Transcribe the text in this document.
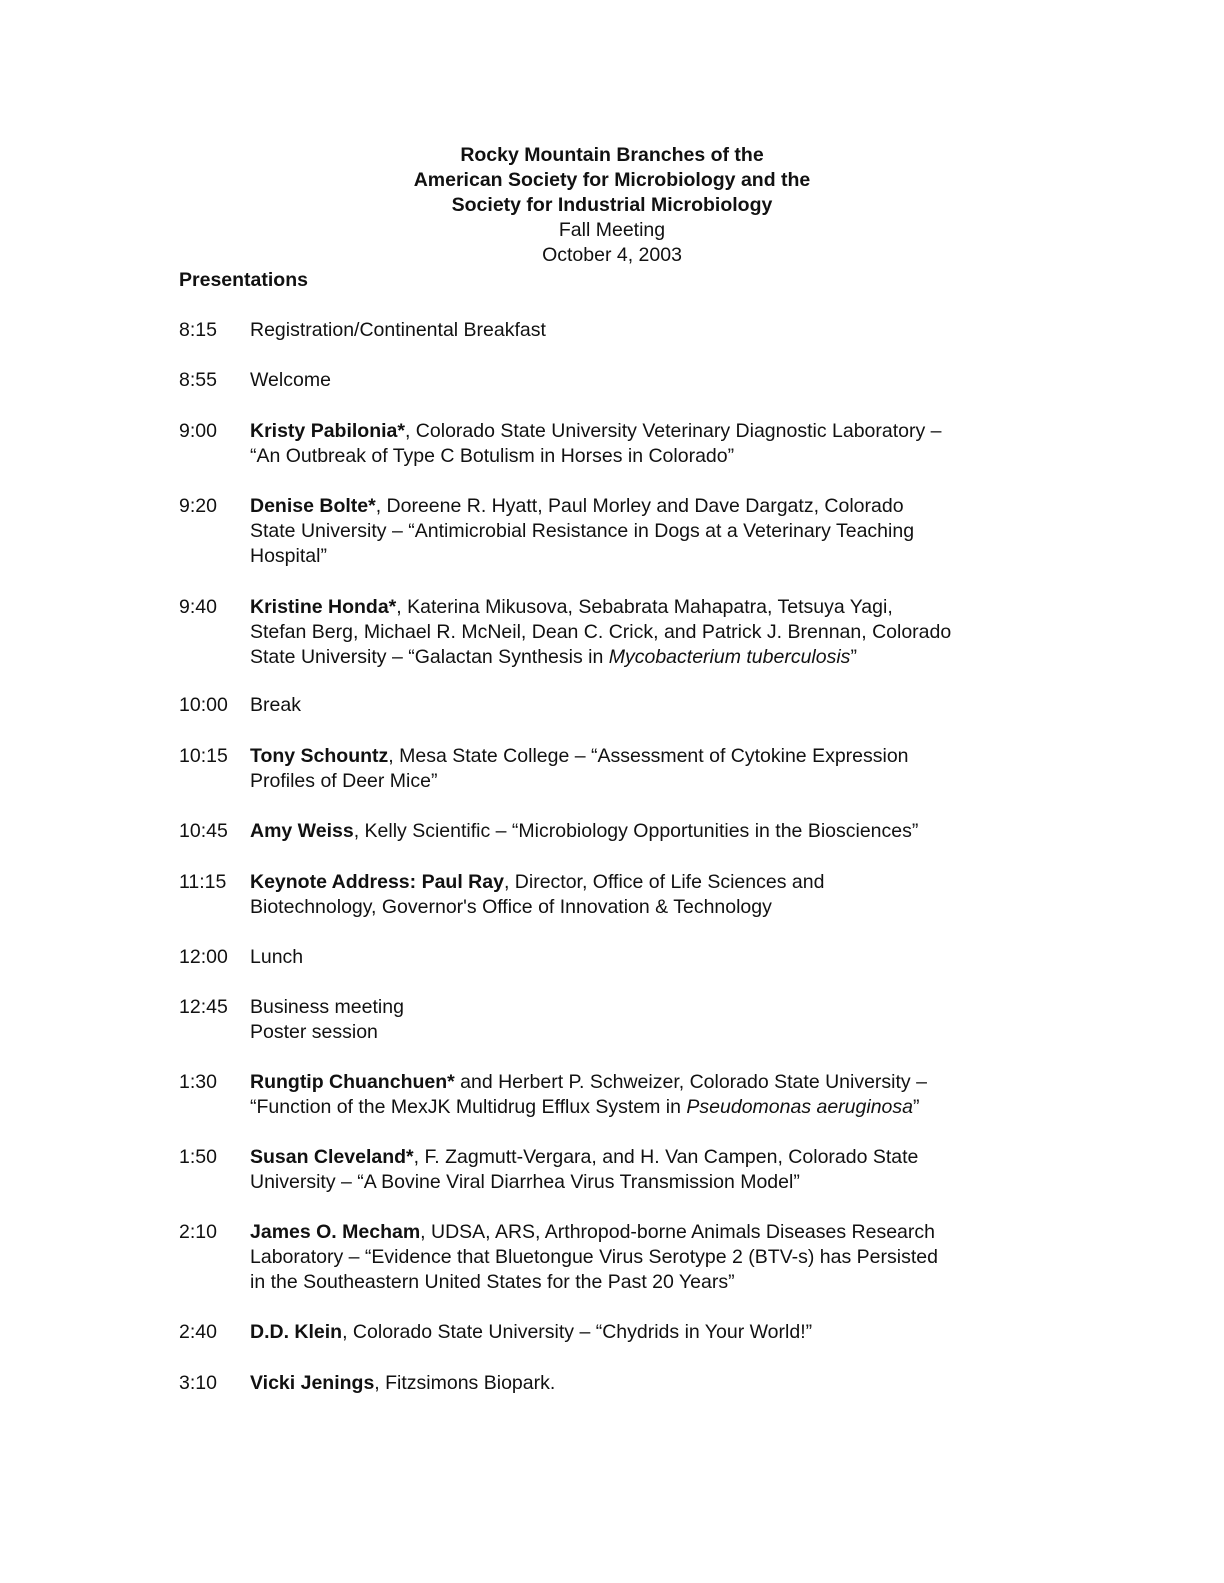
Rocky Mountain Branches of the
American Society for Microbiology and the
Society for Industrial Microbiology
Fall Meeting
October 4, 2003
Presentations
8:15 Registration/Continental Breakfast
8:55 Welcome
9:00 Kristy Pabilonia*, Colorado State University Veterinary Diagnostic Laboratory –
“An Outbreak of Type C Botulism in Horses in Colorado”
9:20 Denise Bolte*, Doreene R. Hyatt, Paul Morley and Dave Dargatz, Colorado
State University – “Antimicrobial Resistance in Dogs at a Veterinary Teaching
Hospital”
9:40 Kristine Honda*, Katerina Mikusova, Sebabrata Mahapatra, Tetsuya Yagi,
Stefan Berg, Michael R. McNeil, Dean C. Crick, and Patrick J. Brennan, Colorado
State University – “Galactan Synthesis in Mycobacterium tuberculosis”
10:00 Break
10:15 Tony Schountz, Mesa State College – “Assessment of Cytokine Expression
Profiles of Deer Mice”
10:45 Amy Weiss, Kelly Scientific – “Microbiology Opportunities in the Biosciences”
11:15 Keynote Address: Paul Ray, Director, Office of Life Sciences and
Biotechnology, Governor's Office of Innovation & Technology
12:00 Lunch
12:45 Business meeting
Poster session
1:30 Rungtip Chuanchuen* and Herbert P. Schweizer, Colorado State University –
“Function of the MexJK Multidrug Efflux System in Pseudomonas aeruginosa”
1:50 Susan Cleveland*, F. Zagmutt-Vergara, and H. Van Campen, Colorado State
University – “A Bovine Viral Diarrhea Virus Transmission Model”
2:10 James O. Mecham, UDSA, ARS, Arthropod-borne Animals Diseases Research
Laboratory – “Evidence that Bluetongue Virus Serotype 2 (BTV-s) has Persisted
in the Southeastern United States for the Past 20 Years”
2:40 D.D. Klein, Colorado State University – “Chydrids in Your World!”
3:10 Vicki Jenings, Fitzsimons Biopark.
